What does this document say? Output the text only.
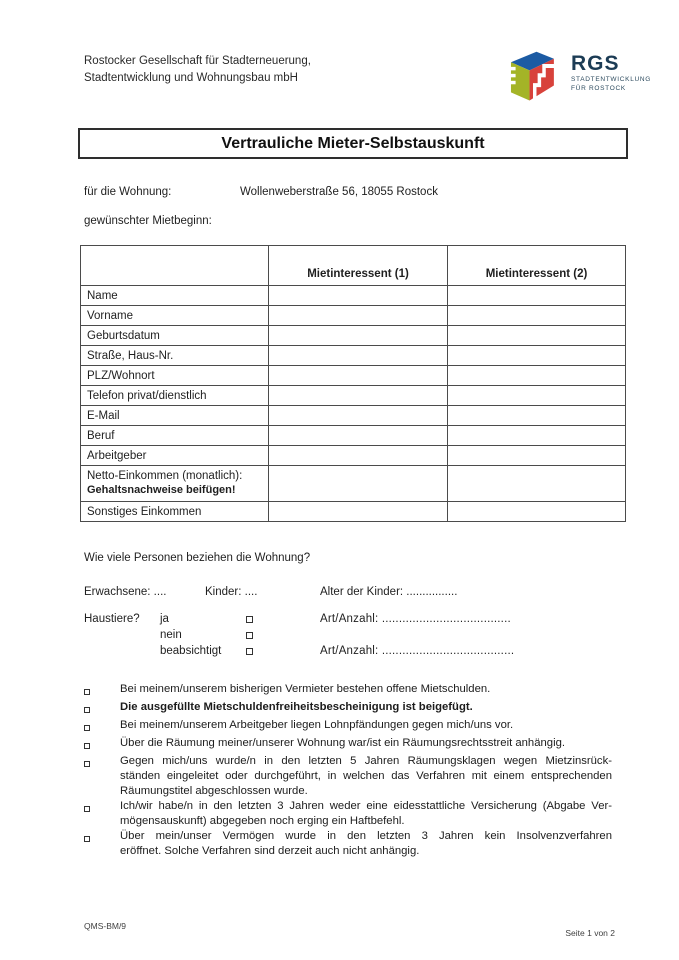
Rostocker Gesellschaft für Stadterneuerung,
Stadtentwicklung und Wohnungsbau mbH
RGS
STADTENTWICKLUNG
FÜR ROSTOCK
Vertrauliche Mieter-Selbstauskunft
für die Wohnung:	Wollenweberstraße 56, 18055 Rostock
gewünschter Mietbeginn:
	Mietinteressent (1)	Mietinteressent (2)
Name		
Vorname		
Geburtsdatum		
Straße, Haus-Nr.		
PLZ/Wohnort		
Telefon privat/dienstlich		
E-Mail		
Beruf		
Arbeitgeber		

Netto-Einkommen (monatlich):
Gehaltsnachweise beifügen!		

Sonstiges Einkommen		
Wie viele Personen beziehen die Wohnung?
Erwachsene: ....	Kinder: ....	Alter der Kinder: ................
Haustiere? ja	Art/Anzahl: ......................................
nein
beabsichtigt	Art/Anzahl: .......................................
Bei meinem/unserem bisherigen Vermieter bestehen offene Mietschulden.
Die ausgefüllte Mietschuldenfreiheitsbescheinigung ist beigefügt.
Bei meinem/unserem Arbeitgeber liegen Lohnpfändungen gegen mich/uns vor.
Über die Räumung meiner/unserer Wohnung war/ist ein Räumungsrechtsstreit anhängig.
Gegen mich/uns wurde/n in den letzten 5 Jahren Räumungsklagen wegen Mietzinsrück-
ständen eingeleitet oder durchgeführt, in welchen das Verfahren mit einem entsprechenden
Räumungstitel abgeschlossen wurde.
Ich/wir habe/n in den letzten 3 Jahren weder eine eidesstattliche Versicherung (Abgabe Ver-
mögensauskunft) abgegeben noch erging ein Haftbefehl.
Über mein/unser Vermögen wurde in den letzten 3 Jahren kein Insolvenzverfahren
eröffnet. Solche Verfahren sind derzeit auch nicht anhängig.
QMS-BM/9
Seite 1 von 2
